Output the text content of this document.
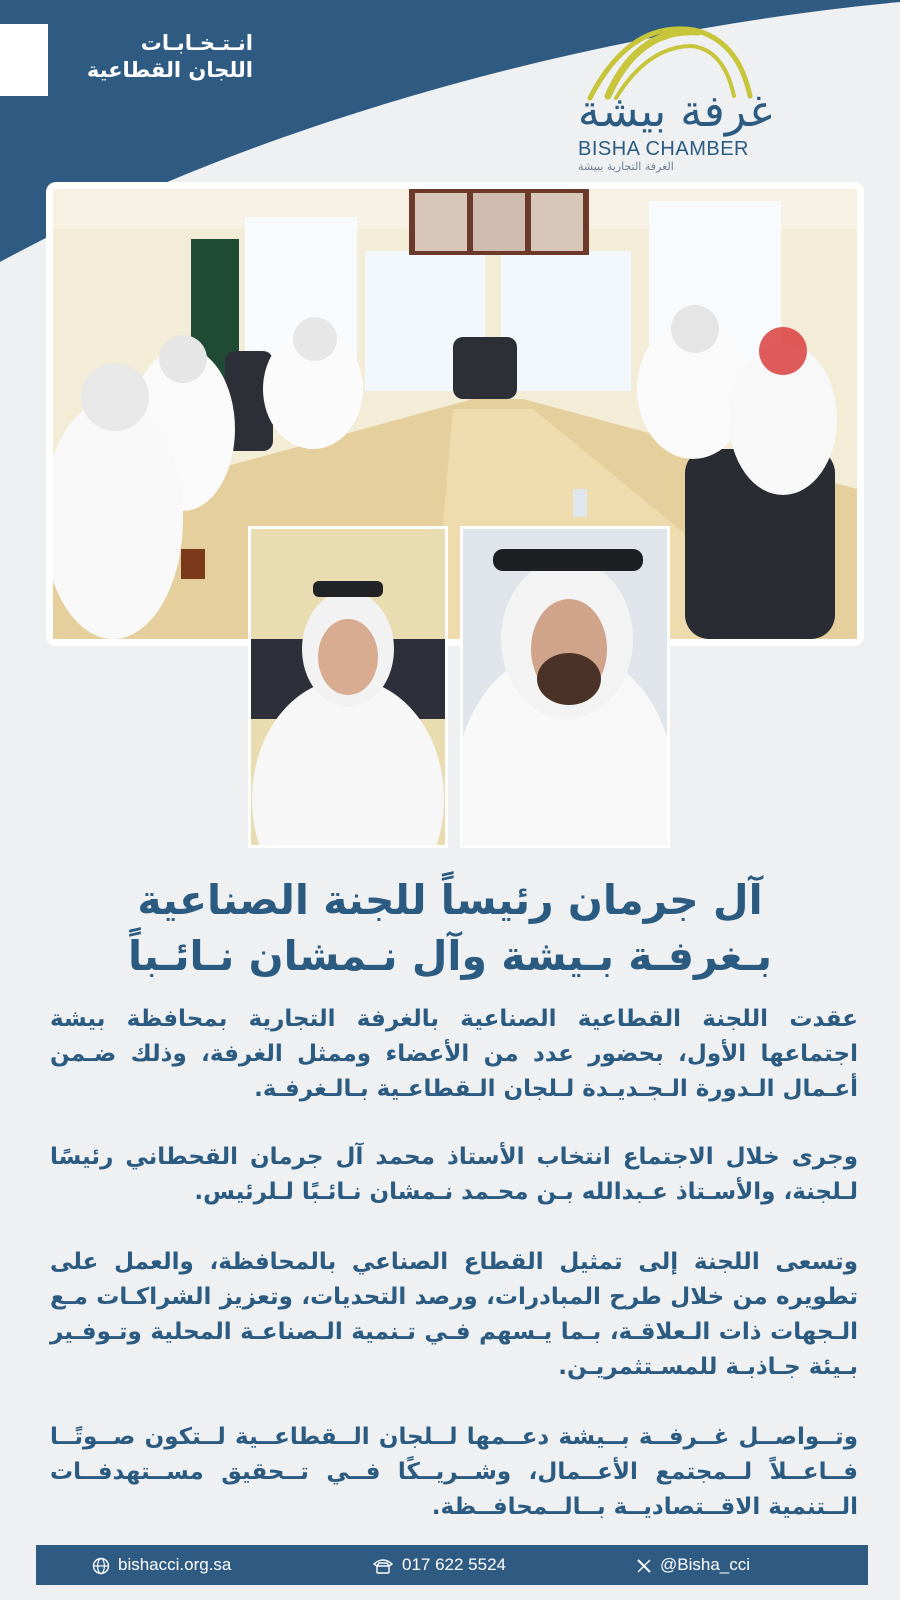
انـتـخـابـات
اللجان القطاعية
غرفة بيشة
BISHA CHAMBER
الغرفة التجارية ببيشة
آل جرمان رئيساً للجنة الصناعية
بـغرفـة بـيشة وآل نـمشان نـائـباً
عقدت اللجنة القطاعية الصناعية بالغرفة التجارية بمحافظة بيشة اجتماعها الأول، بحضور عدد من الأعضاء وممثل الغرفة، وذلك ضـمن أعـمال الـدورة الـجـديـدة لـلجان الـقطاعـية بـالـغرفـة.
وجرى خلال الاجتماع انتخاب الأستاذ محمد آل جرمان القحطاني رئيسًا لـلجنة، والأسـتاذ عـبدالله بـن محـمد نـمشان نـائـبًا لـلرئيس.
وتسعى اللجنة إلى تمثيل القطاع الصناعي بالمحافظة، والعمل على تطويره من خلال طرح المبادرات، ورصد التحديات، وتعزيز الشراكـات مـع الـجهات ذات الـعلاقـة، بـما يـسهم فـي تـنمية الـصناعـة المحلية وتـوفـير بـيئة جـاذبـة للمسـتثمريـن.
وتــواصــل غــرفــة بــيشة دعــمها لــلجان الــقطاعــية لــتكون صــوتًــا فــاعــلاً لــمجتمع الأعــمال، وشــريــكًا فــي تــحقيق مســتهدفــات الــتنمية الاقــتصاديــة بــالــمحافــظة.
bishacci.org.sa	017 622 5524	@Bisha_cci
